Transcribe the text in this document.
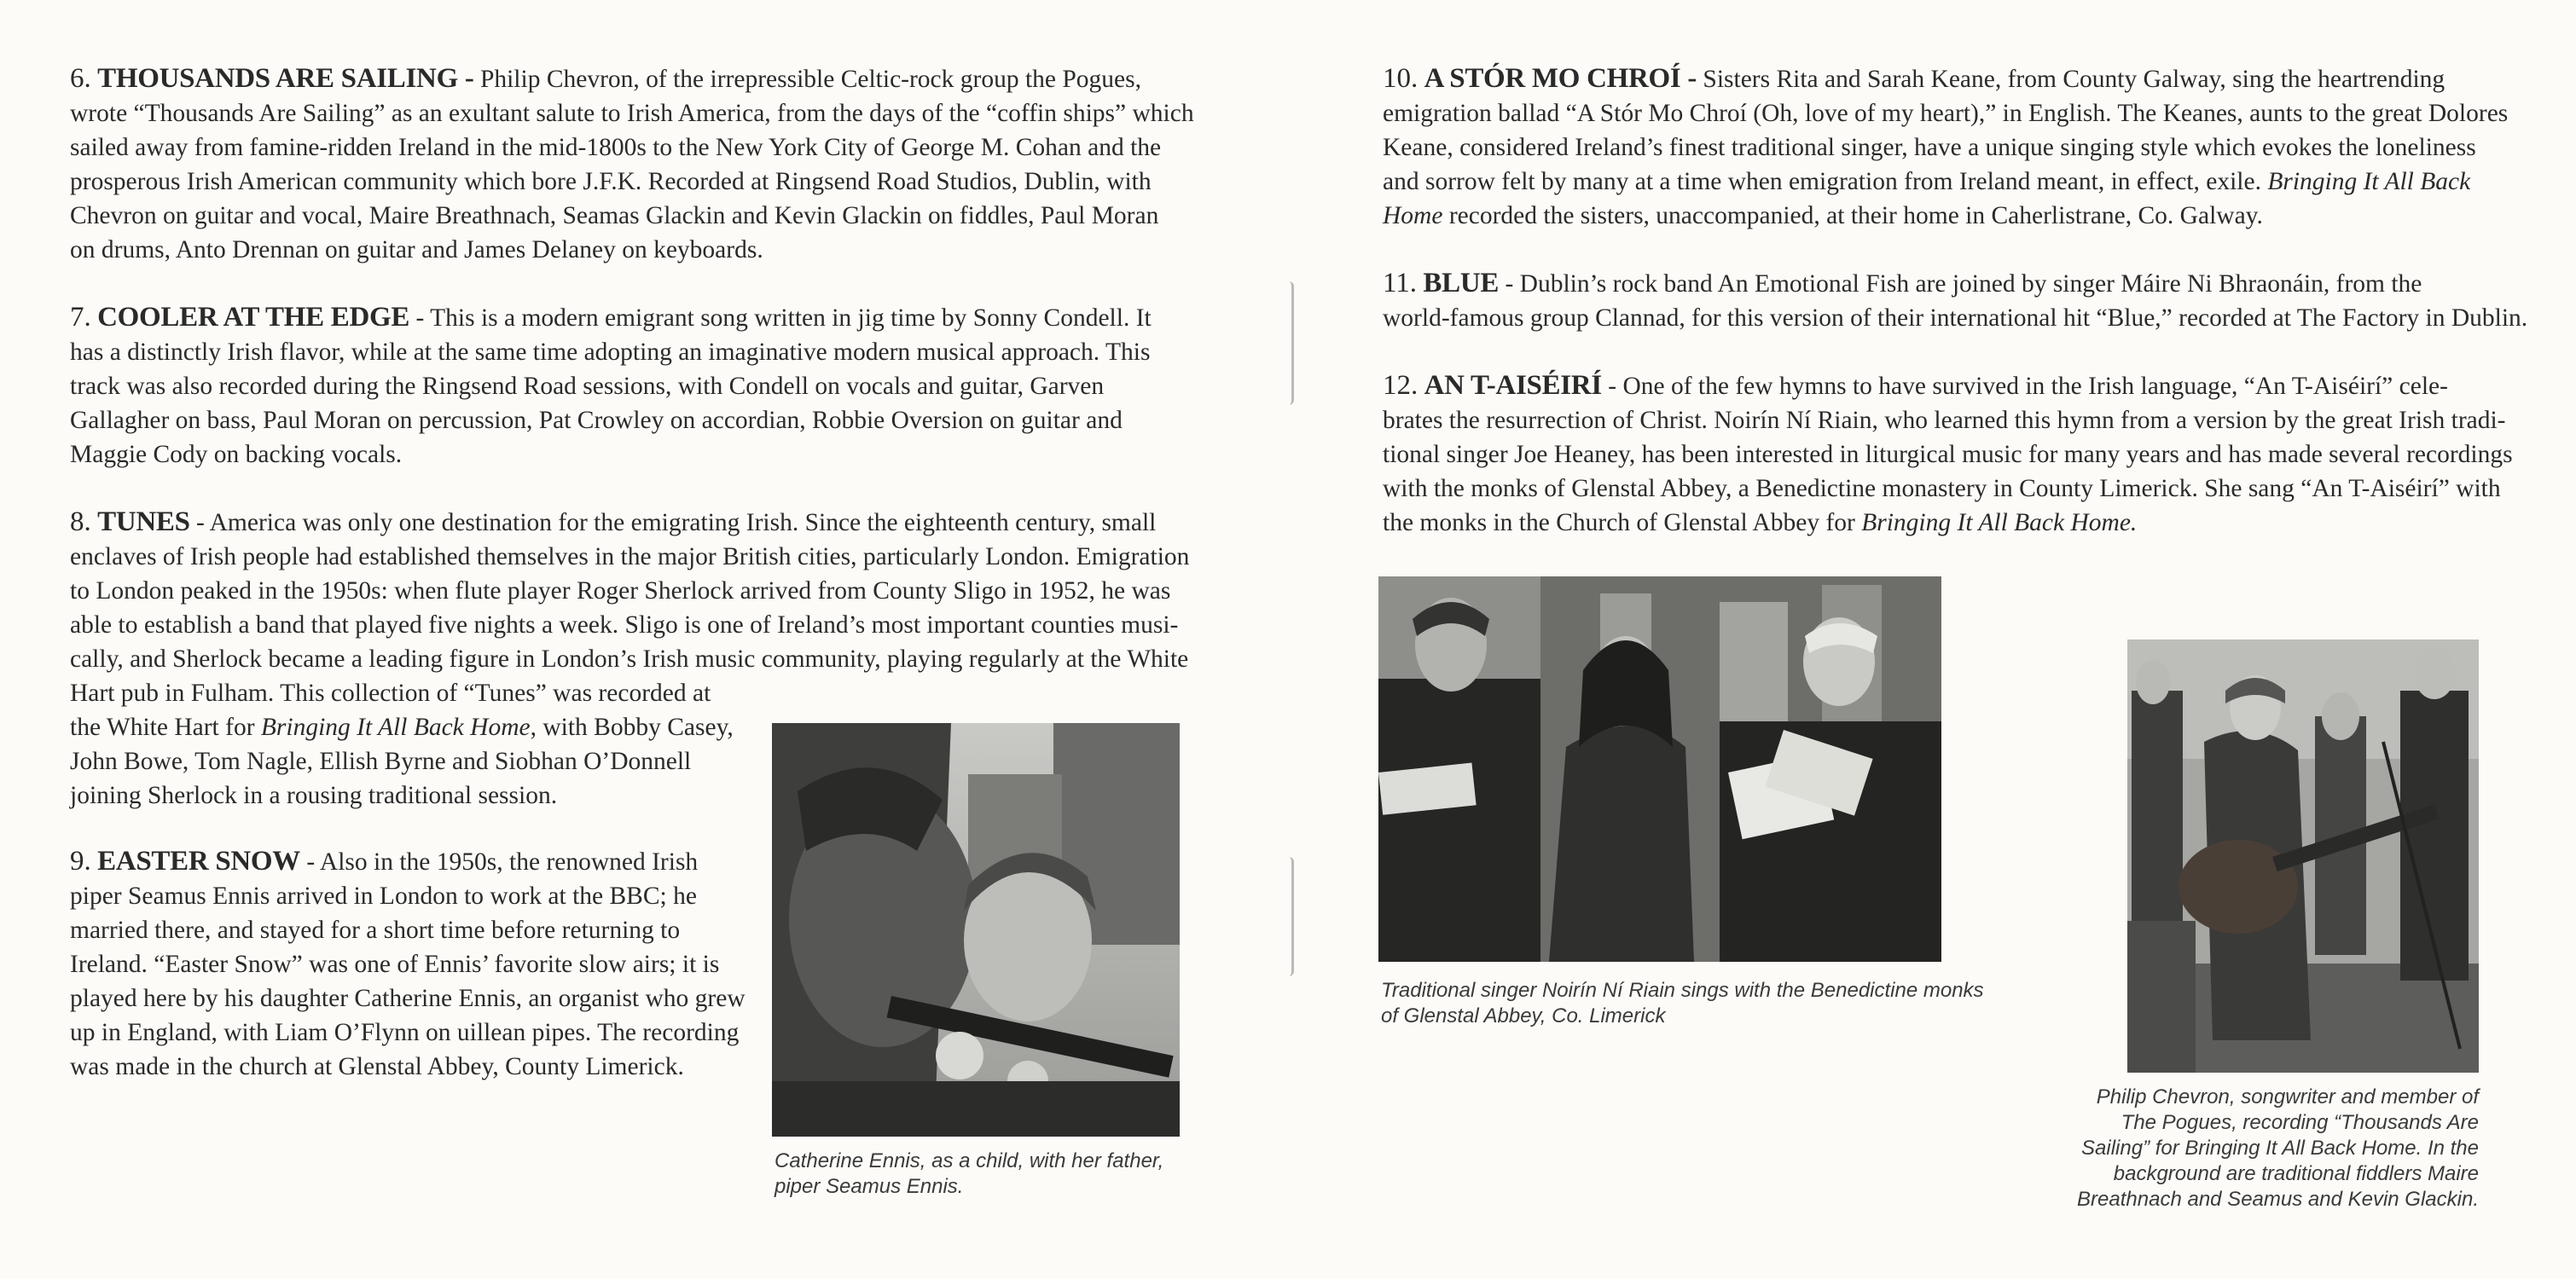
6. THOUSANDS ARE SAILING - Philip Chevron, of the irrepressible Celtic-rock group the Pogues,
wrote “Thousands Are Sailing” as an exultant salute to Irish America, from the days of the “coffin ships” which
sailed away from famine-ridden Ireland in the mid-1800s to the New York City of George M. Cohan and the
prosperous Irish American community which bore J.F.K. Recorded at Ringsend Road Studios, Dublin, with
Chevron on guitar and vocal, Maire Breathnach, Seamas Glackin and Kevin Glackin on fiddles, Paul Moran
on drums, Anto Drennan on guitar and James Delaney on keyboards.

7. COOLER AT THE EDGE - This is a modern emigrant song written in jig time by Sonny Condell. It
has a distinctly Irish flavor, while at the same time adopting an imaginative modern musical approach. This
track was also recorded during the Ringsend Road sessions, with Condell on vocals and guitar, Garven
Gallagher on bass, Paul Moran on percussion, Pat Crowley on accordian, Robbie Oversion on guitar and
Maggie Cody on backing vocals.

8. TUNES - America was only one destination for the emigrating Irish. Since the eighteenth century, small
enclaves of Irish people had established themselves in the major British cities, particularly London. Emigration
to London peaked in the 1950s: when flute player Roger Sherlock arrived from County Sligo in 1952, he was
able to establish a band that played five nights a week. Sligo is one of Ireland’s most important counties musi-
cally, and Sherlock became a leading figure in London’s Irish music community, playing regularly at the White
Hart pub in Fulham. This collection of “Tunes” was recorded at
the White Hart for Bringing It All Back Home, with Bobby Casey,
John Bowe, Tom Nagle, Ellish Byrne and Siobhan O’Donnell
joining Sherlock in a rousing traditional session.

9. EASTER SNOW - Also in the 1950s, the renowned Irish
piper Seamus Ennis arrived in London to work at the BBC; he
married there, and stayed for a short time before returning to
Ireland. “Easter Snow” was one of Ennis’ favorite slow airs; it is
played here by his daughter Catherine Ennis, an organist who grew
up in England, with Liam O’Flynn on uillean pipes. The recording
was made in the church at Glenstal Abbey, County Limerick.

Catherine Ennis, as a child, with her father,
piper Seamus Ennis.

10. A STÓR MO CHROÍ - Sisters Rita and Sarah Keane, from County Galway, sing the heartrending
emigration ballad “A Stór Mo Chroí (Oh, love of my heart),” in English. The Keanes, aunts to the great Dolores
Keane, considered Ireland’s finest traditional singer, have a unique singing style which evokes the loneliness
and sorrow felt by many at a time when emigration from Ireland meant, in effect, exile. Bringing It All Back
Home recorded the sisters, unaccompanied, at their home in Caherlistrane, Co. Galway.

11. BLUE - Dublin’s rock band An Emotional Fish are joined by singer Máire Ni Bhraonáin, from the
world-famous group Clannad, for this version of their international hit “Blue,” recorded at The Factory in Dublin.

12. AN T-AISÉIRÍ - One of the few hymns to have survived in the Irish language, “An T-Aiséirí” cele-
brates the resurrection of Christ. Noirín Ní Riain, who learned this hymn from a version by the great Irish tradi-
tional singer Joe Heaney, has been interested in liturgical music for many years and has made several recordings
with the monks of Glenstal Abbey, a Benedictine monastery in County Limerick. She sang “An T-Aiséirí” with
the monks in the Church of Glenstal Abbey for Bringing It All Back Home.

Traditional singer Noirín Ní Riain sings with the Benedictine monks
of Glenstal Abbey, Co. Limerick
Philip Chevron, songwriter and member of
The Pogues, recording “Thousands Are
Sailing” for Bringing It All Back Home. In the
background are traditional fiddlers Maire
Breathnach and Seamus and Kevin Glackin.
